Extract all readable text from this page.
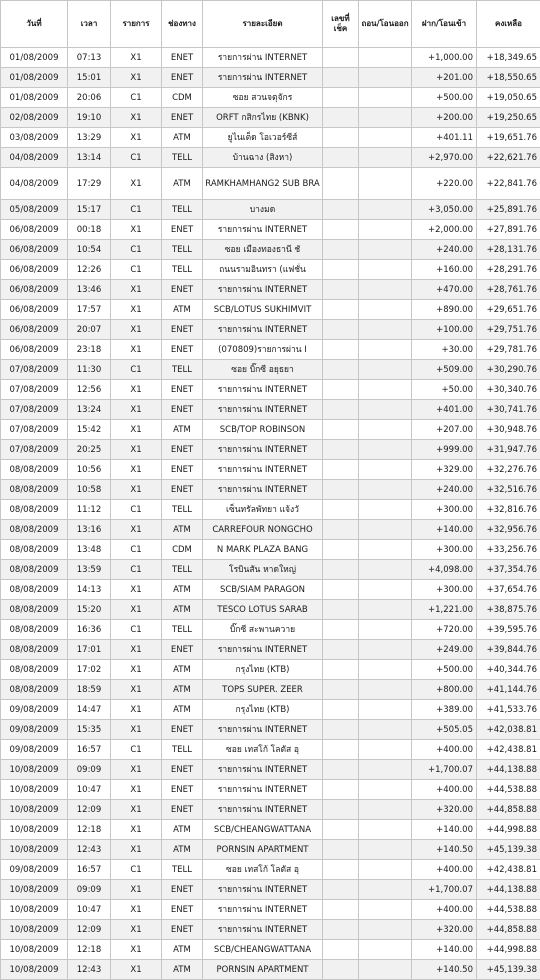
วันที่	เวลา	รายการ	ช่องทาง	รายละเอียด	เลขที่เช็ค	ถอน/โอนออก	ฝาก/โอนเข้า	คงเหลือ
01/08/2009	07:13	X1	ENET	รายการผ่าน INTERNET			+1,000.00	+18,349.65
01/08/2009	15:01	X1	ENET	รายการผ่าน INTERNET			+201.00	+18,550.65
01/08/2009	20:06	C1	CDM	ซอย สวนจตุจักร			+500.00	+19,050.65
02/08/2009	19:10	X1	ENET	ORFT กสิกรไทย (KBNK)			+200.00	+19,250.65
03/08/2009	13:29	X1	ATM	ยูไนเต็ด โอเวอร์ซีส์			+401.11	+19,651.76
04/08/2009	13:14	C1	TELL	บ้านฉาง (สิงหา)			+2,970.00	+22,621.76
04/08/2009	17:29	X1	ATM	RAMKHAMHANG2 SUB BRA			+220.00	+22,841.76
05/08/2009	15:17	C1	TELL	บางมด			+3,050.00	+25,891.76
06/08/2009	00:18	X1	ENET	รายการผ่าน INTERNET			+2,000.00	+27,891.76
06/08/2009	10:54	C1	TELL	ซอย เมืองทองธานี ชั			+240.00	+28,131.76
06/08/2009	12:26	C1	TELL	ถนนรามอินทรา (แฟชั่น			+160.00	+28,291.76
06/08/2009	13:46	X1	ENET	รายการผ่าน INTERNET			+470.00	+28,761.76
06/08/2009	17:57	X1	ATM	SCB/LOTUS SUKHIMVIT			+890.00	+29,651.76
06/08/2009	20:07	X1	ENET	รายการผ่าน INTERNET			+100.00	+29,751.76
06/08/2009	23:18	X1	ENET	(070809)รายการผ่าน I			+30.00	+29,781.76
07/08/2009	11:30	C1	TELL	ซอย บิ๊กซี อยุธยา			+509.00	+30,290.76
07/08/2009	12:56	X1	ENET	รายการผ่าน INTERNET			+50.00	+30,340.76
07/08/2009	13:24	X1	ENET	รายการผ่าน INTERNET			+401.00	+30,741.76
07/08/2009	15:42	X1	ATM	SCB/TOP ROBINSON			+207.00	+30,948.76
07/08/2009	20:25	X1	ENET	รายการผ่าน INTERNET			+999.00	+31,947.76
08/08/2009	10:56	X1	ENET	รายการผ่าน INTERNET			+329.00	+32,276.76
08/08/2009	10:58	X1	ENET	รายการผ่าน INTERNET			+240.00	+32,516.76
08/08/2009	11:12	C1	TELL	เซ็นทรัลพัทยา แจ้งวั			+300.00	+32,816.76
08/08/2009	13:16	X1	ATM	CARREFOUR NONGCHO			+140.00	+32,956.76
08/08/2009	13:48	C1	CDM	N MARK PLAZA BANG			+300.00	+33,256.76
08/08/2009	13:59	C1	TELL	โรบินสัน หาดใหญ่			+4,098.00	+37,354.76
08/08/2009	14:13	X1	ATM	SCB/SIAM PARAGON			+300.00	+37,654.76
08/08/2009	15:20	X1	ATM	TESCO LOTUS SARAB			+1,221.00	+38,875.76
08/08/2009	16:36	C1	TELL	บิ๊กซี สะพานควาย			+720.00	+39,595.76
08/08/2009	17:01	X1	ENET	รายการผ่าน INTERNET			+249.00	+39,844.76
08/08/2009	17:02	X1	ATM	กรุงไทย (KTB)			+500.00	+40,344.76
08/08/2009	18:59	X1	ATM	TOPS SUPER. ZEER			+800.00	+41,144.76
09/08/2009	14:47	X1	ATM	กรุงไทย (KTB)			+389.00	+41,533.76
09/08/2009	15:35	X1	ENET	รายการผ่าน INTERNET			+505.05	+42,038.81
09/08/2009	16:57	C1	TELL	ซอย เทสโก้ โลตัส อุ			+400.00	+42,438.81
10/08/2009	09:09	X1	ENET	รายการผ่าน INTERNET			+1,700.07	+44,138.88
10/08/2009	10:47	X1	ENET	รายการผ่าน INTERNET			+400.00	+44,538.88
10/08/2009	12:09	X1	ENET	รายการผ่าน INTERNET			+320.00	+44,858.88
10/08/2009	12:18	X1	ATM	SCB/CHEANGWATTANA			+140.00	+44,998.88
10/08/2009	12:43	X1	ATM	PORNSIN APARTMENT			+140.50	+45,139.38
09/08/2009	16:57	C1	TELL	ซอย เทสโก้ โลตัส อุ			+400.00	+42,438.81
10/08/2009	09:09	X1	ENET	รายการผ่าน INTERNET			+1,700.07	+44,138.88
10/08/2009	10:47	X1	ENET	รายการผ่าน INTERNET			+400.00	+44,538.88
10/08/2009	12:09	X1	ENET	รายการผ่าน INTERNET			+320.00	+44,858.88
10/08/2009	12:18	X1	ATM	SCB/CHEANGWATTANA			+140.00	+44,998.88
10/08/2009	12:43	X1	ATM	PORNSIN APARTMENT			+140.50	+45,139.38
